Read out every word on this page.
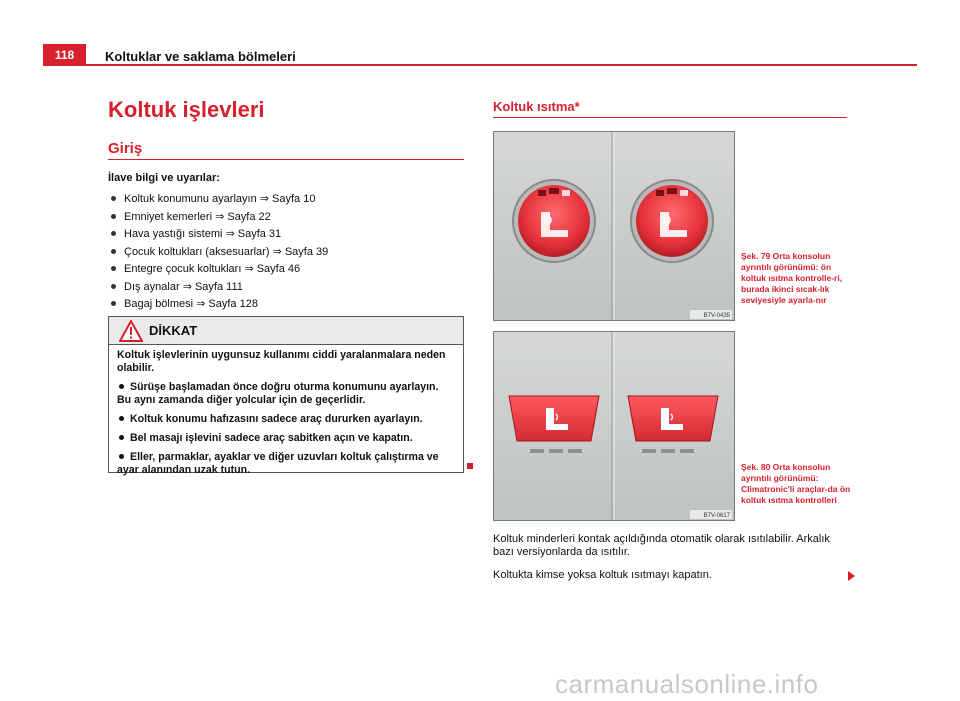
118	Koltuklar ve saklama bölmeleri
Koltuk işlevleri
Giriş
İlave bilgi ve uyarılar:
Koltuk konumunu ayarlayın ⇒ Sayfa 10
Emniyet kemerleri ⇒ Sayfa 22
Hava yastığı sistemi ⇒ Sayfa 31
Çocuk koltukları (aksesuarlar) ⇒ Sayfa 39
Entegre çocuk koltukları ⇒ Sayfa 46
Dış aynalar ⇒ Sayfa 111
Bagaj bölmesi ⇒ Sayfa 128
DİKKAT

Koltuk işlevlerinin uygunsuz kullanımı ciddi yaralanmalara neden olabilir.

Sürüşe başlamadan önce doğru oturma konumunu ayarlayın. Bu aynı zamanda diğer yolcular için de geçerlidir.

Koltuk konumu hafızasını sadece araç dururken ayarlayın.

Bel masajı işlevini sadece araç sabitken açın ve kapatın.

Eller, parmaklar, ayaklar ve diğer uzuvları koltuk çalıştırma ve ayar alanından uzak tutun.

Koltuk ısıtma*
B7V-0435
Şek. 79 Orta konsolun ayrıntılı görünümü: ön koltuk ısıtma kontrolle-ri, burada ikinci sıcak-lık seviyesiyle ayarla-nır
B7V-0617
Şek. 80 Orta konsolun ayrıntılı görünümü: Climatronic'li araçlar-da ön koltuk ısıtma kontrolleri
Koltuk minderleri kontak açıldığında otomatik olarak ısıtılabilir. Arkalık bazı versiyonlarda da ısıtılır.
Koltukta kimse yoksa koltuk ısıtmayı kapatın.
carmanualsonline.info
